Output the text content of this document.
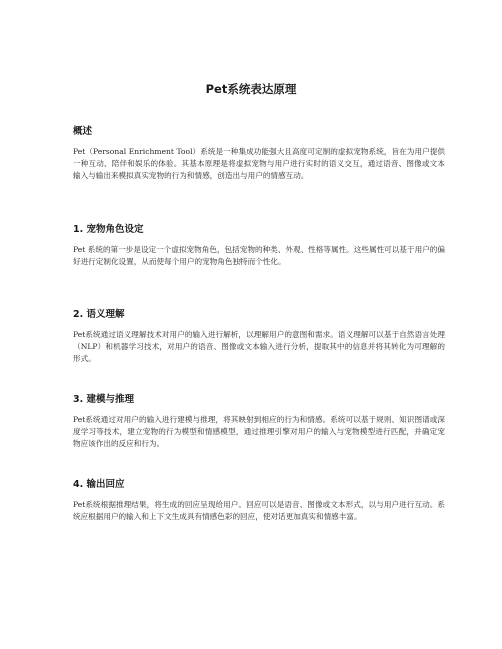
Pet系统表达原理
概述

Pet（Personal Enrichment Tool）系统是一种集成功能强大且高度可定制的虚拟宠物系统，旨在为用户提供一种互动、陪伴和娱乐的体验。其基本原理是将虚拟宠物与用户进行实时的语义交互，通过语音、图像或文本输入与输出来模拟真实宠物的行为和情感，创造出与用户的情感互动。

1. 宠物角色设定

Pet 系统的第一步是设定一个虚拟宠物角色，包括宠物的种类、外观、性格等属性。这些属性可以基于用户的偏好进行定制化设置，从而使每个用户的宠物角色独特而个性化。

2. 语义理解

Pet系统通过语义理解技术对用户的输入进行解析，以理解用户的意图和需求。语义理解可以基于自然语言处理（NLP）和机器学习技术，对用户的语音、图像或文本输入进行分析，提取其中的信息并将其转化为可理解的形式。

3. 建模与推理

Pet系统通过对用户的输入进行建模与推理，将其映射到相应的行为和情感。系统可以基于规则、知识图谱或深度学习等技术，建立宠物的行为模型和情感模型，通过推理引擎对用户的输入与宠物模型进行匹配，并确定宠物应该作出的反应和行为。

4. 输出回应

Pet系统根据推理结果，将生成的回应呈现给用户。回应可以是语音、图像或文本形式，以与用户进行互动。系统应根据用户的输入和上下文生成具有情感色彩的回应，使对话更加真实和情感丰富。
